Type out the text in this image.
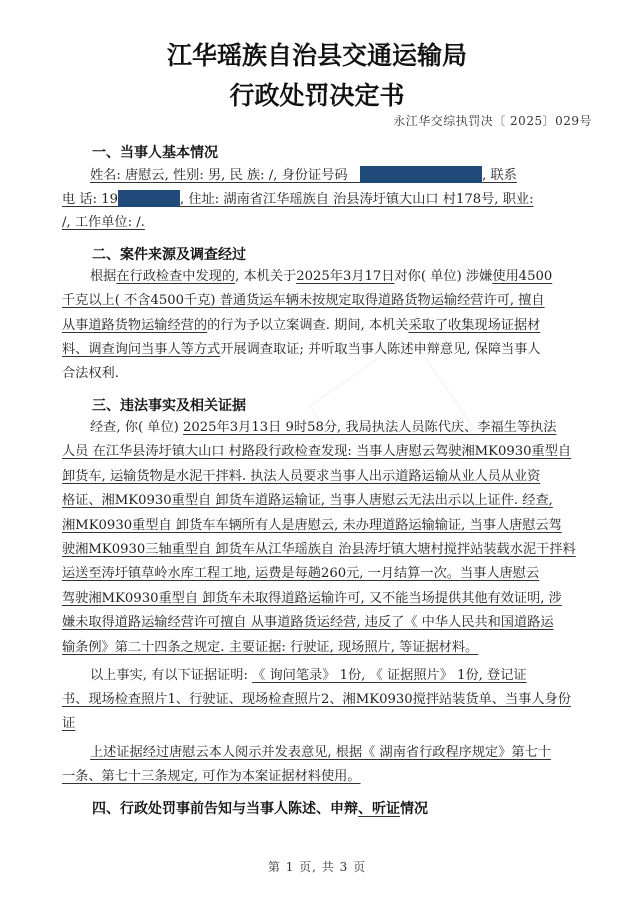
江华瑶族自治县交通运输局
行政处罚决定书
永江华交综执罚决〔 2025〕029号
一、当事人基本情况
姓名: 唐慰云, 性别: 男, 民 族: /, 身份证号码	, 联系
电 话: 19	, 住址: 湖南省江华瑶族自 治县涛圩镇大山口 村178号, 职业:
/, 工作单位: /.
二、案件来源及调查经过
根据在行政检查中发现的, 本机关于2025年3月17日对你( 单位) 涉嫌使用4500
千克以上( 不含4500千克) 普通货运车辆未按规定取得道路货物运输经营许可, 擅自
从事道路货物运输经营的的行为予以立案调查. 期间, 本机关采取了收集现场证据材
料、调查询问当事人等方式开展调查取证; 并听取当事人陈述申辩意见, 保障当事人
合法权利.
三、违法事实及相关证据
经查, 你( 单位) 2025年3月13日 9时58分, 我局执法人员陈代庆、李福生等执法
人员 在江华县涛圩镇大山口 村路段行政检查发现: 当事人唐慰云驾驶湘MK0930重型自
卸货车, 运输货物是水泥干拌料. 执法人员要求当事人出示道路运输从业人员从业资
格证、湘MK0930重型自 卸货车道路运输证, 当事人唐慰云无法出示以上证件. 经查,
湘MK0930重型自 卸货车车辆所有人是唐慰云, 未办理道路运输输证, 当事人唐慰云驾
驶湘MK0930三轴重型自 卸货车从江华瑶族自 治县涛圩镇大塘村搅拌站装载水泥干拌料
运送至涛圩镇草岭水库工程工地, 运费是每趟260元, 一月结算一次。当事人唐慰云
驾驶湘MK0930重型自 卸货车未取得道路运输许可, 又不能当场提供其他有效证明, 涉
嫌未取得道路运输经营许可擅自 从事道路货运经营, 违反了《 中华人民共和国道路运
输条例》第二十四条之规定. 主要证据: 行驶证, 现场照片, 等证据材料。
以上事实, 有以下证据证明: 《 询问笔录》 1份, 《 证据照片》 1份, 登记证
书、现场检查照片1、行驶证、现场检查照片2、湘MK0930搅拌站装货单、当事人身份
证
上述证据经过唐慰云本人阅示并发表意见, 根据《 湖南省行政程序规定》第七十
一条、第七十三条规定, 可作为本案证据材料使用。
四、行政处罚事前告知与当事人陈述、申辩、听证情况
第 1 页, 共 3 页
